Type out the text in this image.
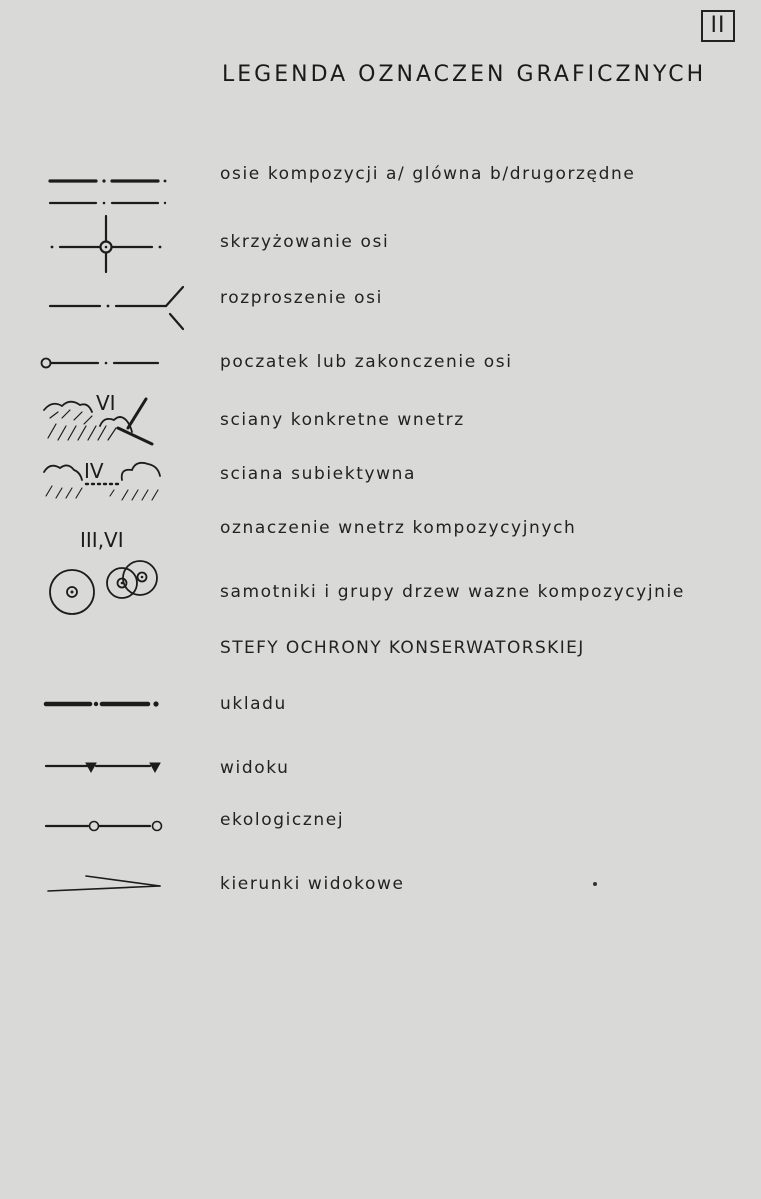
II
LEGENDA OZNACZEN GRAFICZNYCH
VI
IV
III,VI
osie kompozycji a/ glówna b/drugorzędne
skrzyżowanie osi
rozproszenie osi
poczatek lub zakonczenie osi
sciany konkretne wnetrz
sciana subiektywna
oznaczenie wnetrz kompozycyjnych
samotniki i grupy drzew wazne kompozycyjnie
STEFY OCHRONY KONSERWATORSKIEJ
ukladu
widoku
ekologicznej
kierunki widokowe
